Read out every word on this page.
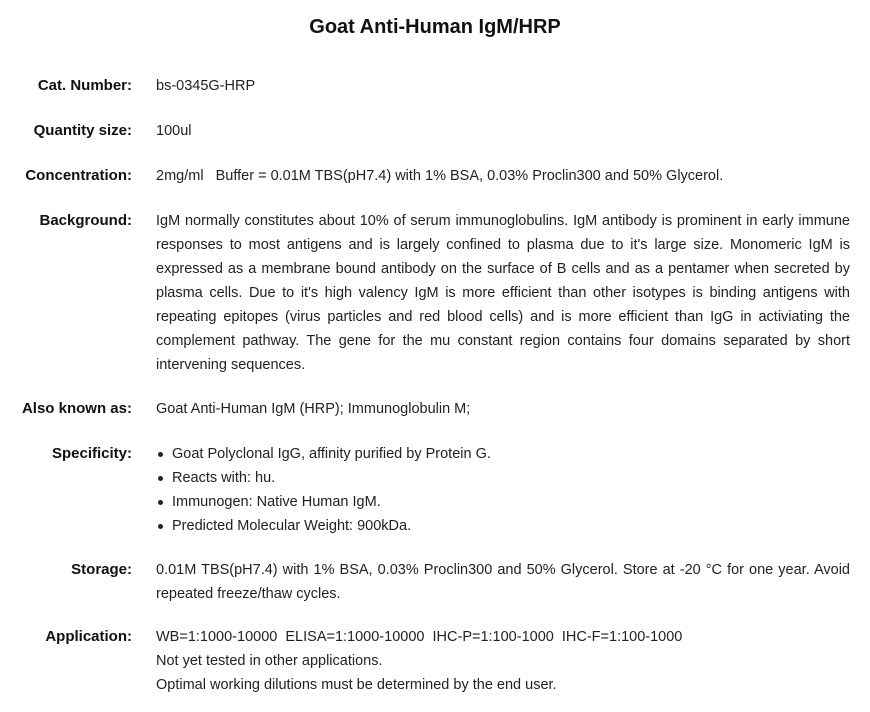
Goat Anti-Human IgM/HRP
Cat. Number: bs-0345G-HRP
Quantity size: 100ul
Concentration: 2mg/ml   Buffer = 0.01M TBS(pH7.4) with 1% BSA, 0.03% Proclin300 and 50% Glycerol.
Background: IgM normally constitutes about 10% of serum immunoglobulins. IgM antibody is prominent in early immune responses to most antigens and is largely confined to plasma due to it's large size. Monomeric IgM is expressed as a membrane bound antibody on the surface of B cells and as a pentamer when secreted by plasma cells. Due to it's high valency IgM is more efficient than other isotypes is binding antigens with repeating epitopes (virus particles and red blood cells) and is more efficient than IgG in activiating the complement pathway. The gene for the mu constant region contains four domains separated by short intervening sequences.
Also known as: Goat Anti-Human IgM (HRP); Immunoglobulin M;
Specificity:	Goat Polyclonal IgG, affinity purified by Protein G.
Reacts with: hu.
Immunogen: Native Human IgM.
Predicted Molecular Weight: 900kDa.
Storage: 0.01M TBS(pH7.4) with 1% BSA, 0.03% Proclin300 and 50% Glycerol. Store at -20 °C for one year. Avoid repeated freeze/thaw cycles.
Application: WB=1:1000-10000  ELISA=1:1000-10000  IHC-P=1:100-1000  IHC-F=1:100-1000
Not yet tested in other applications.
Optimal working dilutions must be determined by the end user.
